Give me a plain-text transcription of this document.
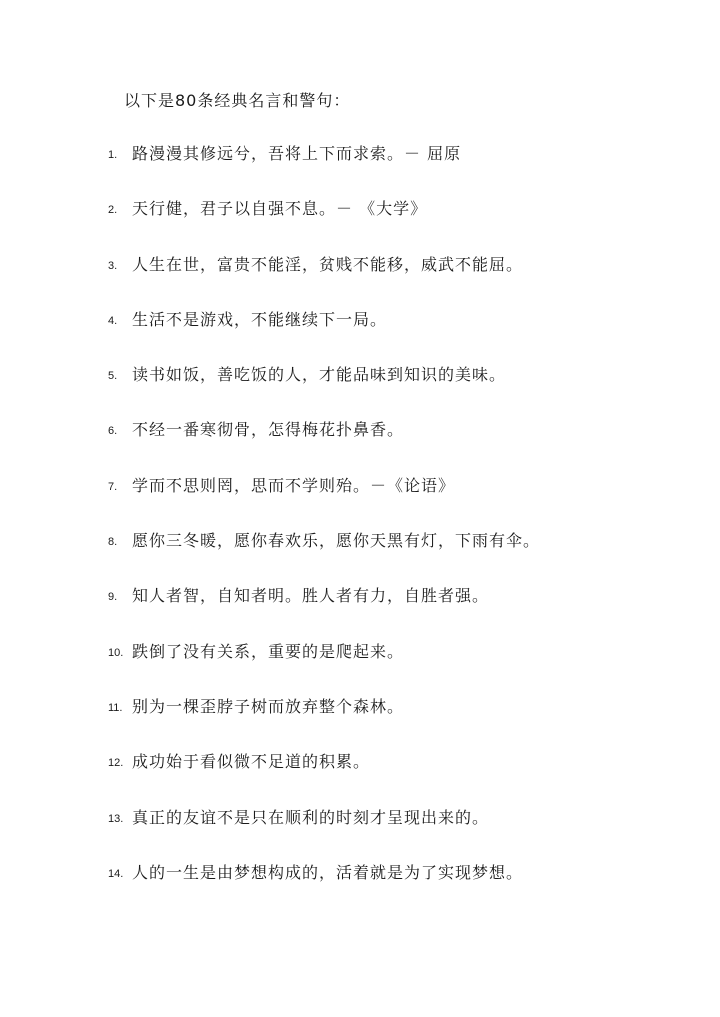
以下是80条经典名言和警句：
1. 路漫漫其修远兮，吾将上下而求索。－ 屈原
2. 天行健，君子以自强不息。－ 《大学》
3. 人生在世，富贵不能淫，贫贱不能移，威武不能屈。
4. 生活不是游戏，不能继续下一局。
5. 读书如饭，善吃饭的人，才能品味到知识的美味。
6. 不经一番寒彻骨，怎得梅花扑鼻香。
7. 学而不思则罔，思而不学则殆。－《论语》
8. 愿你三冬暖，愿你春欢乐，愿你天黑有灯，下雨有伞。
9. 知人者智，自知者明。胜人者有力，自胜者强。
10. 跌倒了没有关系，重要的是爬起来。
11. 别为一棵歪脖子树而放弃整个森林。
12. 成功始于看似微不足道的积累。
13. 真正的友谊不是只在顺利的时刻才呈现出来的。
14. 人的一生是由梦想构成的，活着就是为了实现梦想。
